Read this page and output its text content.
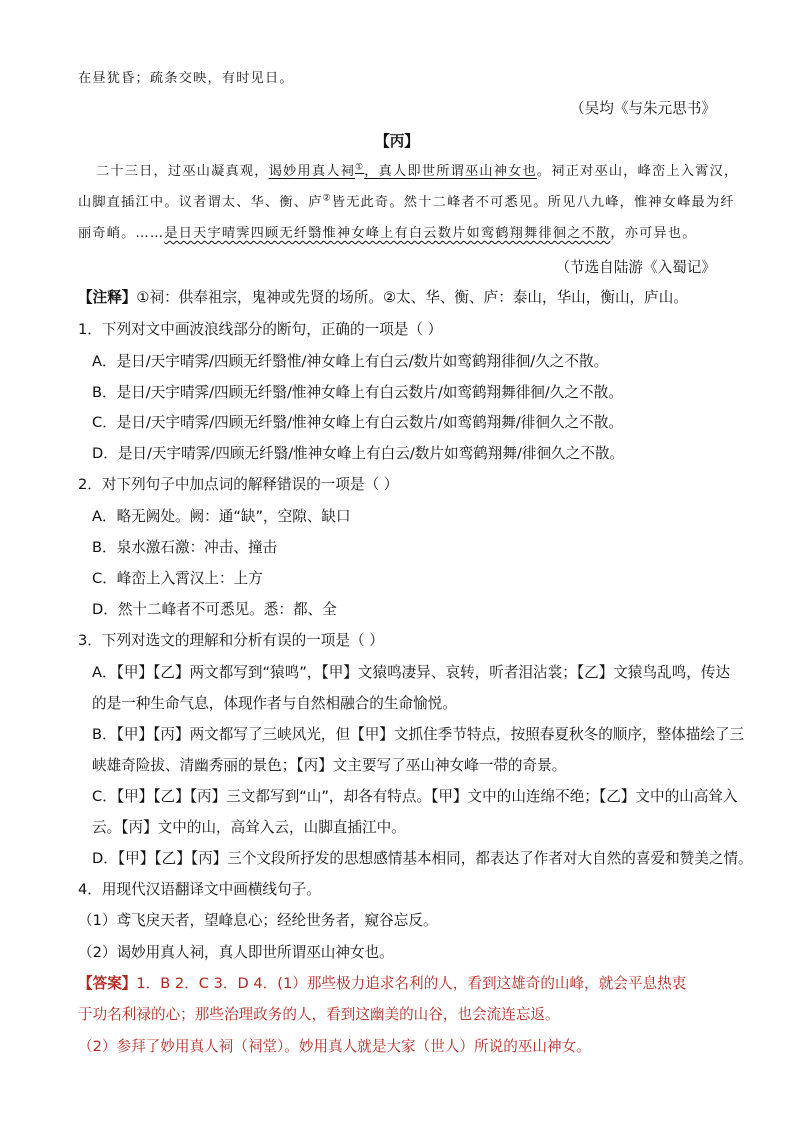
在昼犹昏；疏条交映，有时见日。
（吴均《与朱元思书》
【丙】
二十三日，过巫山凝真观，谒妙用真人祠①，真人即世所谓巫山神女也。祠正对巫山，峰峦上入霄汉，
山脚直插江中。议者谓太、华、衡、庐②皆无此奇。然十二峰者不可悉见。所见八九峰，惟神女峰最为纤
丽奇峭。……是日天宇晴霁四顾无纤翳惟神女峰上有白云数片如鸾鹤翔舞徘徊之不散，亦可异也。
（节选自陆游《入蜀记》
【注释】①祠：供奉祖宗，鬼神或先贤的场所。②太、华、衡、庐：泰山，华山，衡山，庐山。
1．下列对文中画波浪线部分的断句，正确的一项是（ ）
A．是日/天宇晴霁/四顾无纤翳惟/神女峰上有白云/数片如鸾鹤翔徘徊/久之不散。
B．是日/天宇晴霁/四顾无纤翳/惟神女峰上有白云数片/如鸾鹤翔舞徘徊/久之不散。
C．是日/天宇晴霁/四顾无纤翳/惟神女峰上有白云数片/如鸾鹤翔舞/徘徊久之不散。
D．是日/天宇晴霁/四顾无纤翳/惟神女峰上有白云/数片如鸾鹤翔舞/徘徊久之不散。
2．对下列句子中加点词的解释错误的一项是（ ）
A．略无阙处。阙：通“缺”，空隙、缺口
B．泉水激石激：冲击、撞击
C．峰峦上入霄汉上：上方
D．然十二峰者不可悉见。悉：都、全
3．下列对选文的理解和分析有误的一项是（ ）
A．【甲】【乙】两文都写到“猿鸣”，【甲】文猿鸣凄异、哀转，听者泪沾裳；【乙】文猿鸟乱鸣，传达
的是一种生命气息，体现作者与自然相融合的生命愉悦。
B．【甲】【丙】两文都写了三峡风光，但【甲】文抓住季节特点，按照春夏秋冬的顺序，整体描绘了三
峡雄奇险拔、清幽秀丽的景色；【丙】文主要写了巫山神女峰一带的奇景。
C．【甲】【乙】【丙】三文都写到“山”，却各有特点。【甲】文中的山连绵不绝；【乙】文中的山高耸入
云。【丙】文中的山，高耸入云，山脚直插江中。
D．【甲】【乙】【丙】三个文段所抒发的思想感情基本相同，都表达了作者对大自然的喜爱和赞美之情。
4．用现代汉语翻译文中画横线句子。
（1）鸢飞戾天者，望峰息心；经纶世务者，窥谷忘反。
（2）谒妙用真人祠，真人即世所谓巫山神女也。
【答案】1．B 2．C 3．D 4．(1）那些极力追求名利的人，看到这雄奇的山峰，就会平息热衷
于功名利禄的心；那些治理政务的人，看到这幽美的山谷，也会流连忘返。
（2）参拜了妙用真人祠（祠堂）。妙用真人就是大家（世人）所说的巫山神女。
